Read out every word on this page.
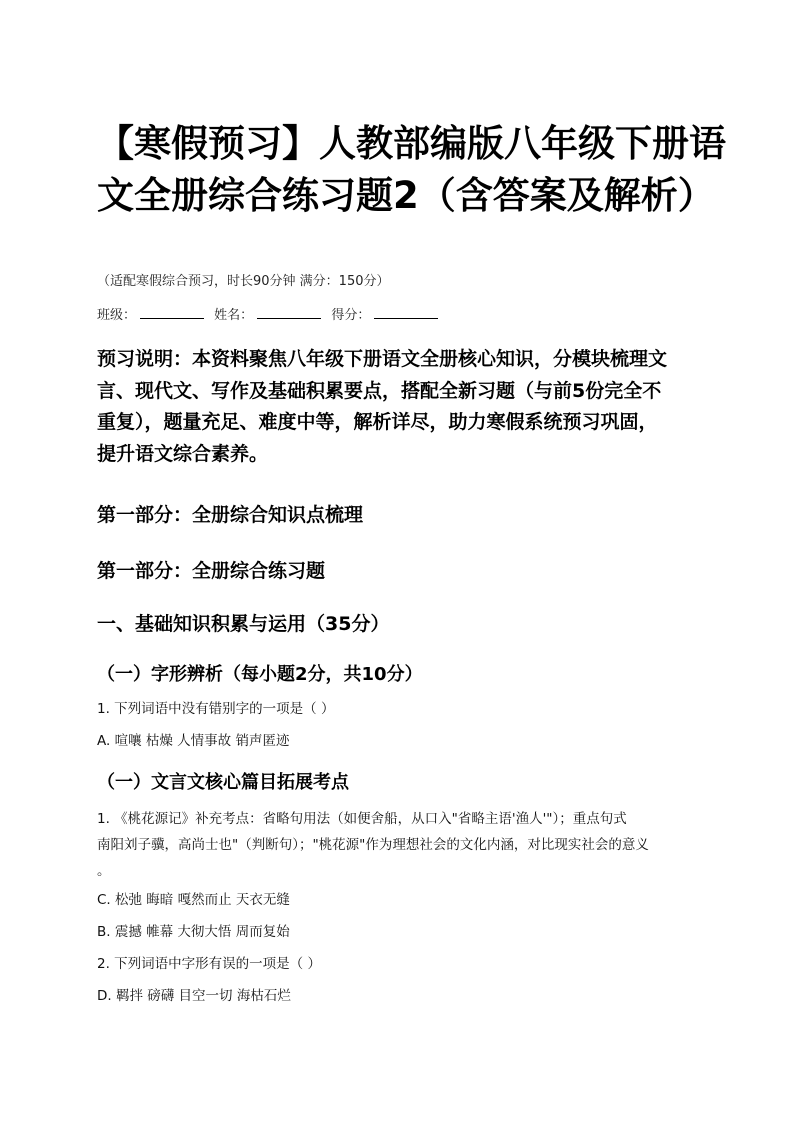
【寒假预习】人教部编版八年级下册语
文全册综合练习题2（含答案及解析）
（适配寒假综合预习，时长90分钟 满分：150分）
班级：	姓名：	得分：
预习说明：本资料聚焦八年级下册语文全册核心知识，分模块梳理文
言、现代文、写作及基础积累要点，搭配全新习题（与前5份完全不
重复），题量充足、难度中等，解析详尽，助力寒假系统预习巩固，
提升语文综合素养。
第一部分：全册综合知识点梳理
第一部分：全册综合练习题
一、基础知识积累与运用（35分）
（一）字形辨析（每小题2分，共10分）
1. 下列词语中没有错别字的一项是（ ）
A. 喧嚷 枯燥 人情事故 销声匿迹
（一）文言文核心篇目拓展考点
1. 《桃花源记》补充考点：省略句用法（如便舍船，从口入"省略主语'渔人'"）；重点句式
南阳刘子骥，高尚士也"（判断句）；"桃花源"作为理想社会的文化内涵，对比现实社会的意义
。
C. 松弛 晦暗 嘎然而止 天衣无缝
B. 震撼 帷幕 大彻大悟 周而复始
2. 下列词语中字形有误的一项是（ ）
D. 羁拌 磅礴 目空一切 海枯石烂
